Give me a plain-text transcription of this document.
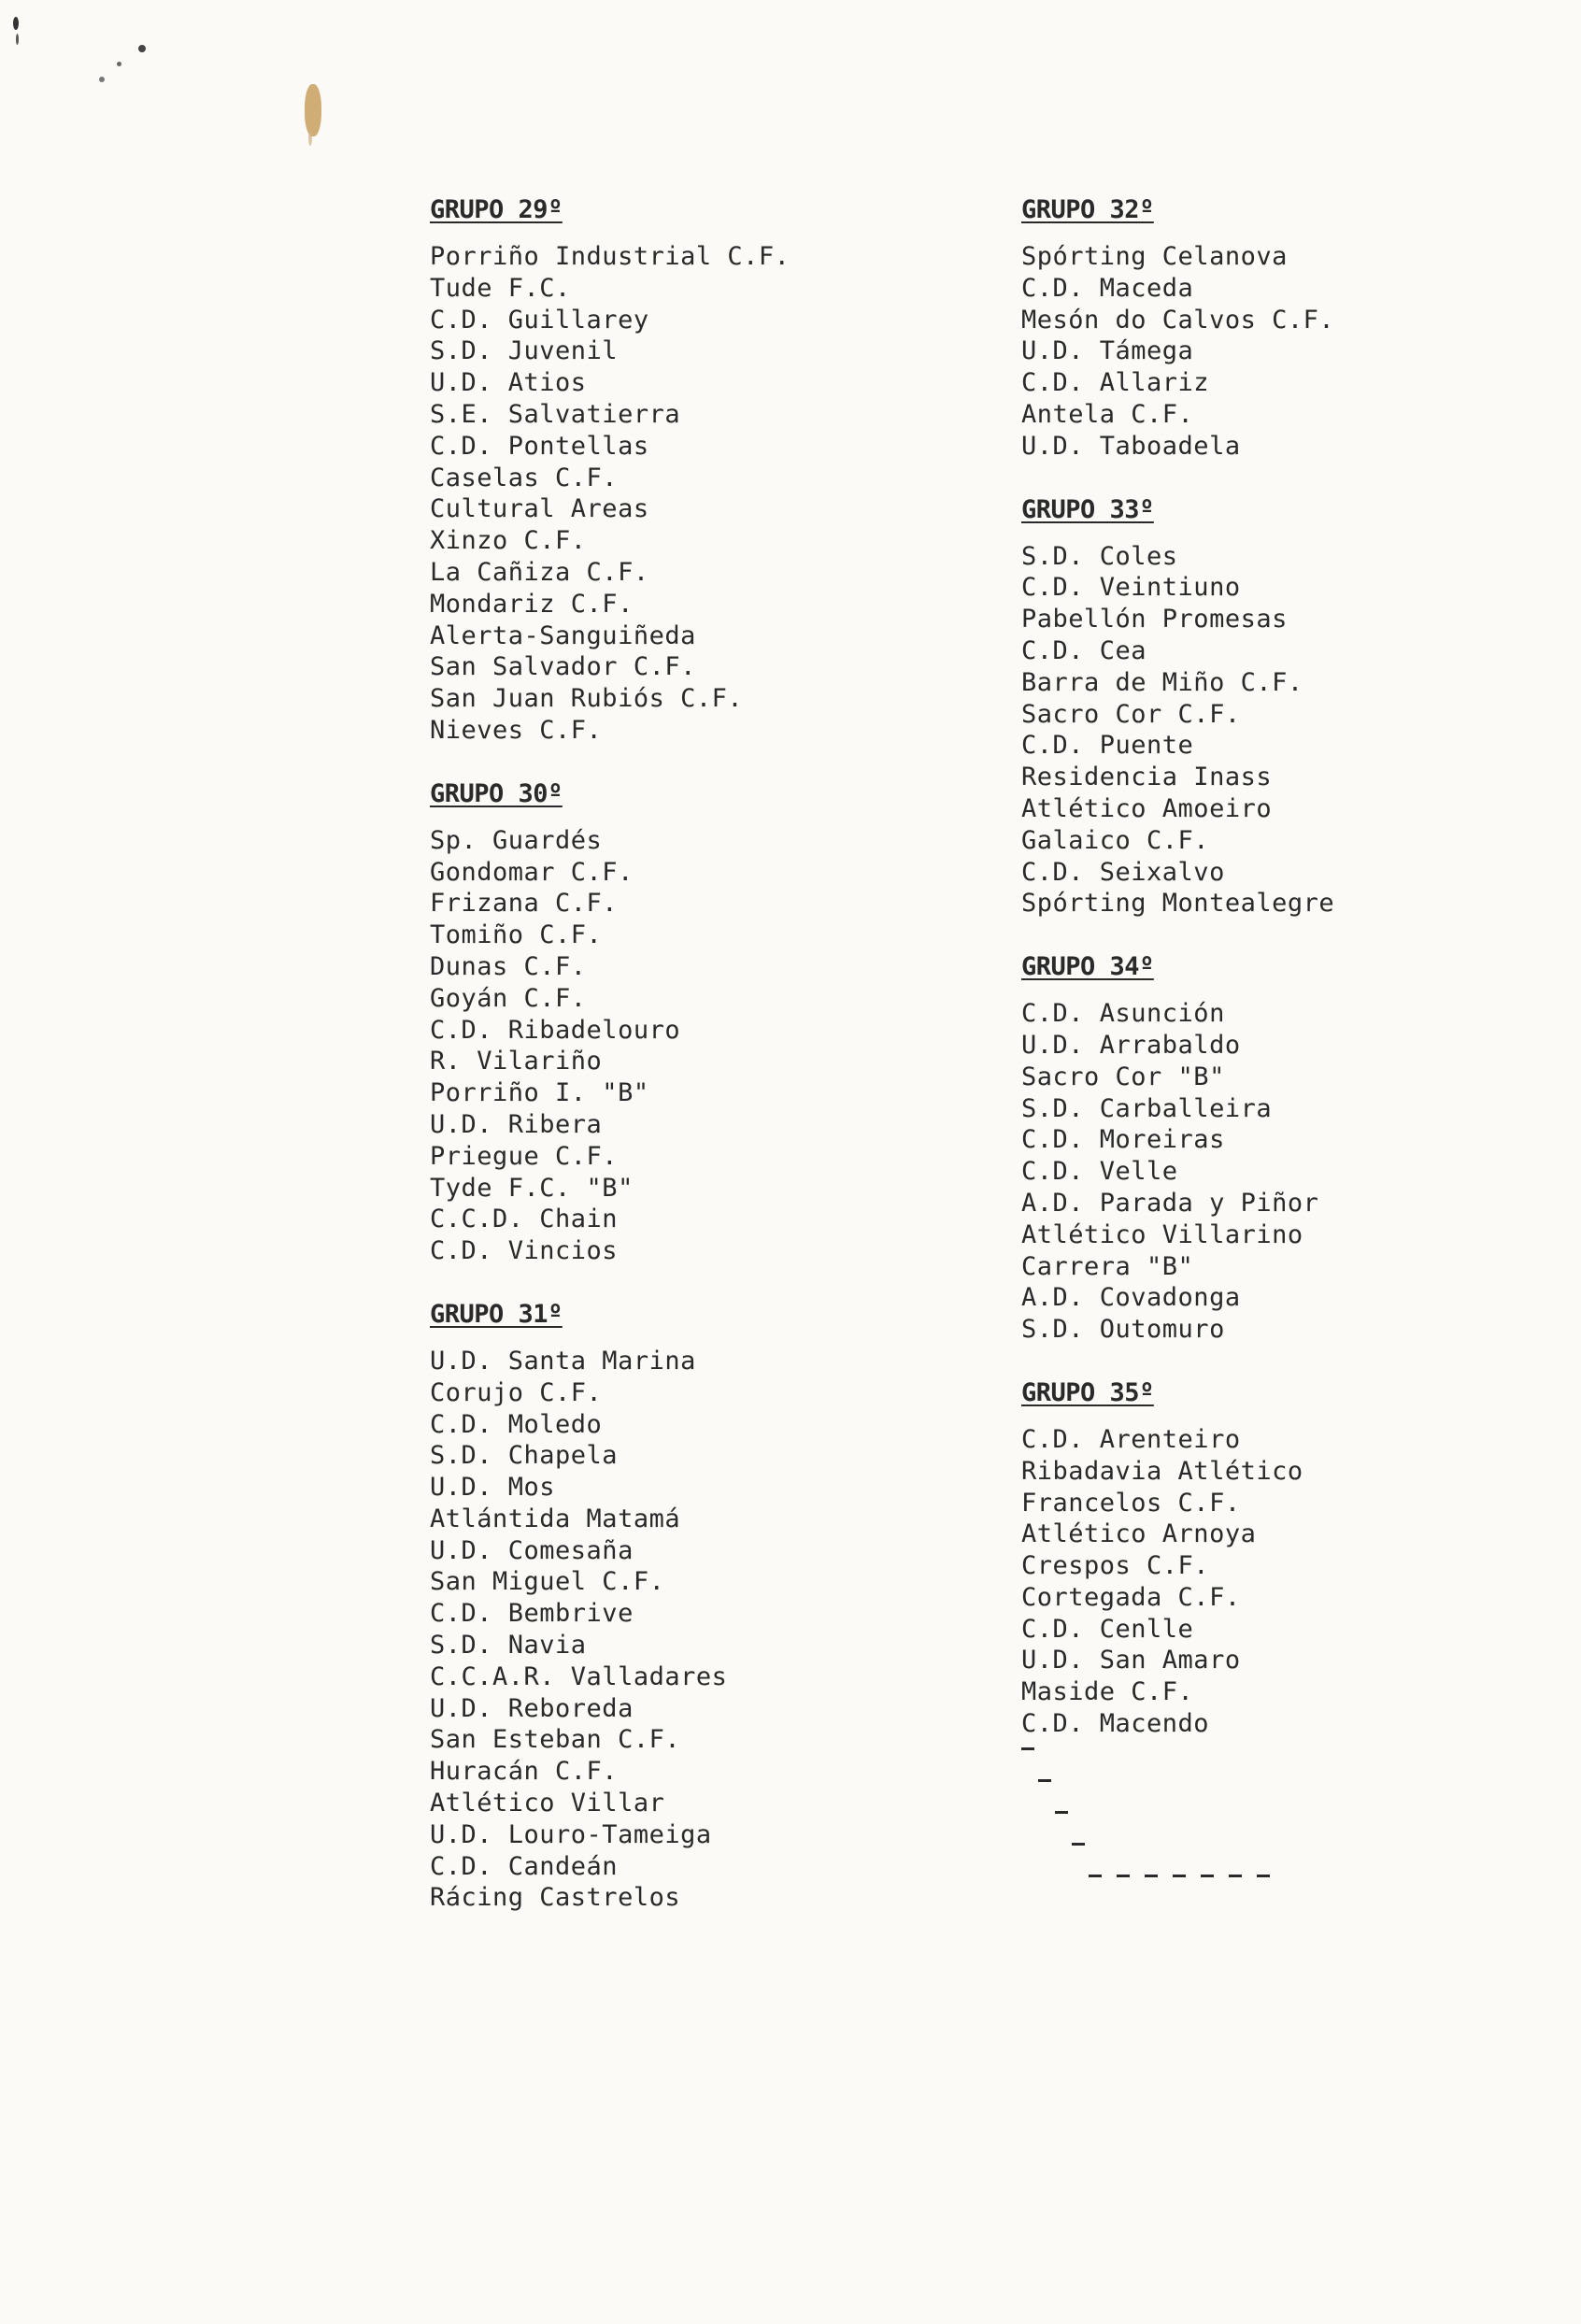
GRUPO 29º
Porriño Industrial C.F.
Tude F.C.
C.D. Guillarey
S.D. Juvenil
U.D. Atios
S.E. Salvatierra
C.D. Pontellas
Caselas C.F.
Cultural Areas
Xinzo C.F.
La Cañiza C.F.
Mondariz C.F.
Alerta-Sanguiñeda
San Salvador C.F.
San Juan Rubiós C.F.
Nieves C.F.
GRUPO 30º
Sp. Guardés
Gondomar C.F.
Frizana C.F.
Tomiño C.F.
Dunas C.F.
Goyán C.F.
C.D. Ribadelouro
R. Vilariño
Porriño I. "B"
U.D. Ribera
Priegue C.F.
Tyde F.C. "B"
C.C.D. Chain
C.D. Vincios
GRUPO 31º
U.D. Santa Marina
Corujo C.F.
C.D. Moledo
S.D. Chapela
U.D. Mos
Atlántida Matamá
U.D. Comesaña
San Miguel C.F.
C.D. Bembrive
S.D. Navia
C.C.A.R. Valladares
U.D. Reboreda
San Esteban C.F.
Huracán C.F.
Atlético Villar
U.D. Louro-Tameiga
C.D. Candeán
Rácing Castrelos
GRUPO 32º
Spórting Celanova
C.D. Maceda
Mesón do Calvos C.F.
U.D. Támega
C.D. Allariz
Antela C.F.
U.D. Taboadela
GRUPO 33º
S.D. Coles
C.D. Veintiuno
Pabellón Promesas
C.D. Cea
Barra de Miño C.F.
Sacro Cor C.F.
C.D. Puente
Residencia Inass
Atlético Amoeiro
Galaico C.F.
C.D. Seixalvo
Spórting Montealegre
GRUPO 34º
C.D. Asunción
U.D. Arrabaldo
Sacro Cor "B"
S.D. Carballeira
C.D. Moreiras
C.D. Velle
A.D. Parada y Piñor
Atlético Villarino
Carrera "B"
A.D. Covadonga
S.D. Outomuro
GRUPO 35º
C.D. Arenteiro
Ribadavia Atlético
Francelos C.F.
Atlético Arnoya
Crespos C.F.
Cortegada C.F.
C.D. Cenlle
U.D. San Amaro
Maside C.F.
C.D. Macendo
